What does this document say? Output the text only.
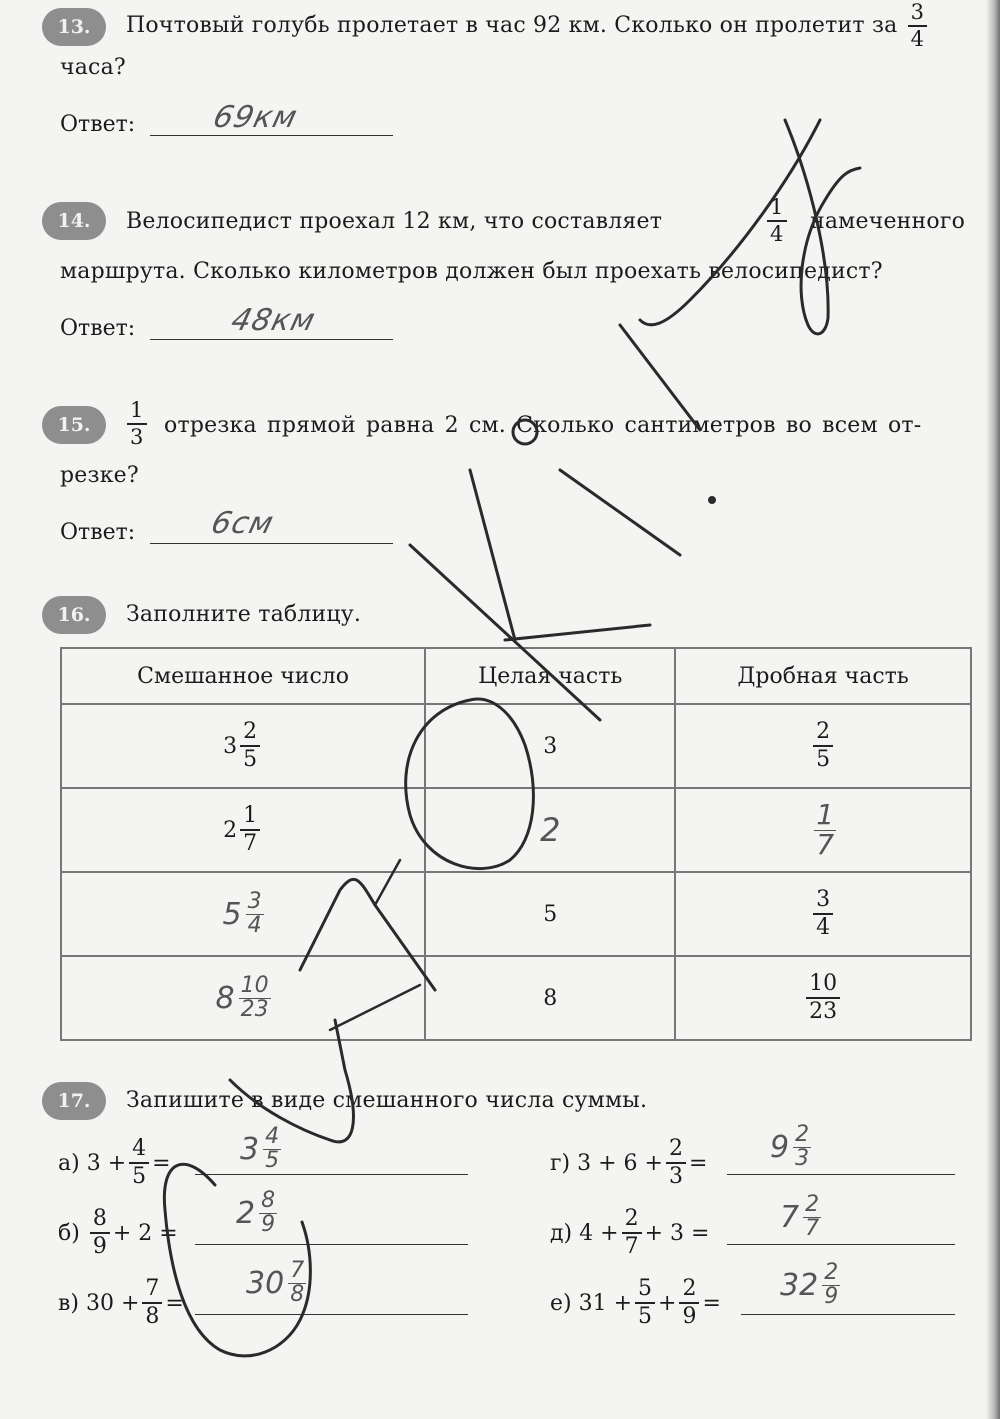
13.	Почтовый голубь пролетает в час 92 км. Сколько он пролетит за $\frac{3}{4}$
часа?
Ответ: 69км
14.	Велосипедист проехал 12 км, что составляет	$\frac{1}{4}$ намеченного
маршрута. Сколько километров должен был проехать велосипедист?
Ответ:	48км
15.	$\frac{1}{3}$ отрезка прямой равна 2 см. Сколько сантиметров во всем от-
резке?
Ответ: 6см
16.	Заполните таблицу.
Смешанное число	Целая часть	Дробная часть

$3 \frac{2}{5}$	3	$\frac{2}{5}$

$2 \frac{1}{7}$	2	$\frac{1}{7}$

$5 \frac{3}{4}$	5	$\frac{3}{4}$

$8 \frac{10}{23}$	8	$\frac{10}{23}$
17.	Запишите в виде смешанного числа суммы.
а)
$3 + \frac{4}{5} = 3 \frac{4}{5}$
б)
$\frac{8}{9} + 2$ =
$2 \frac{8}{9}$
в)
$30 + \frac{7}{8}$ =
$30 \frac{7}{8}$
г)
$3 + 6 + \frac{2}{3} = 9 \frac{2}{3}$
д)
$4 + \frac{2}{7} + 3 = 7 \frac{2}{7}$
е)
$31 + \frac{5}{5} + \frac{2}{9}$ =
$32 \frac{2}{9}$
